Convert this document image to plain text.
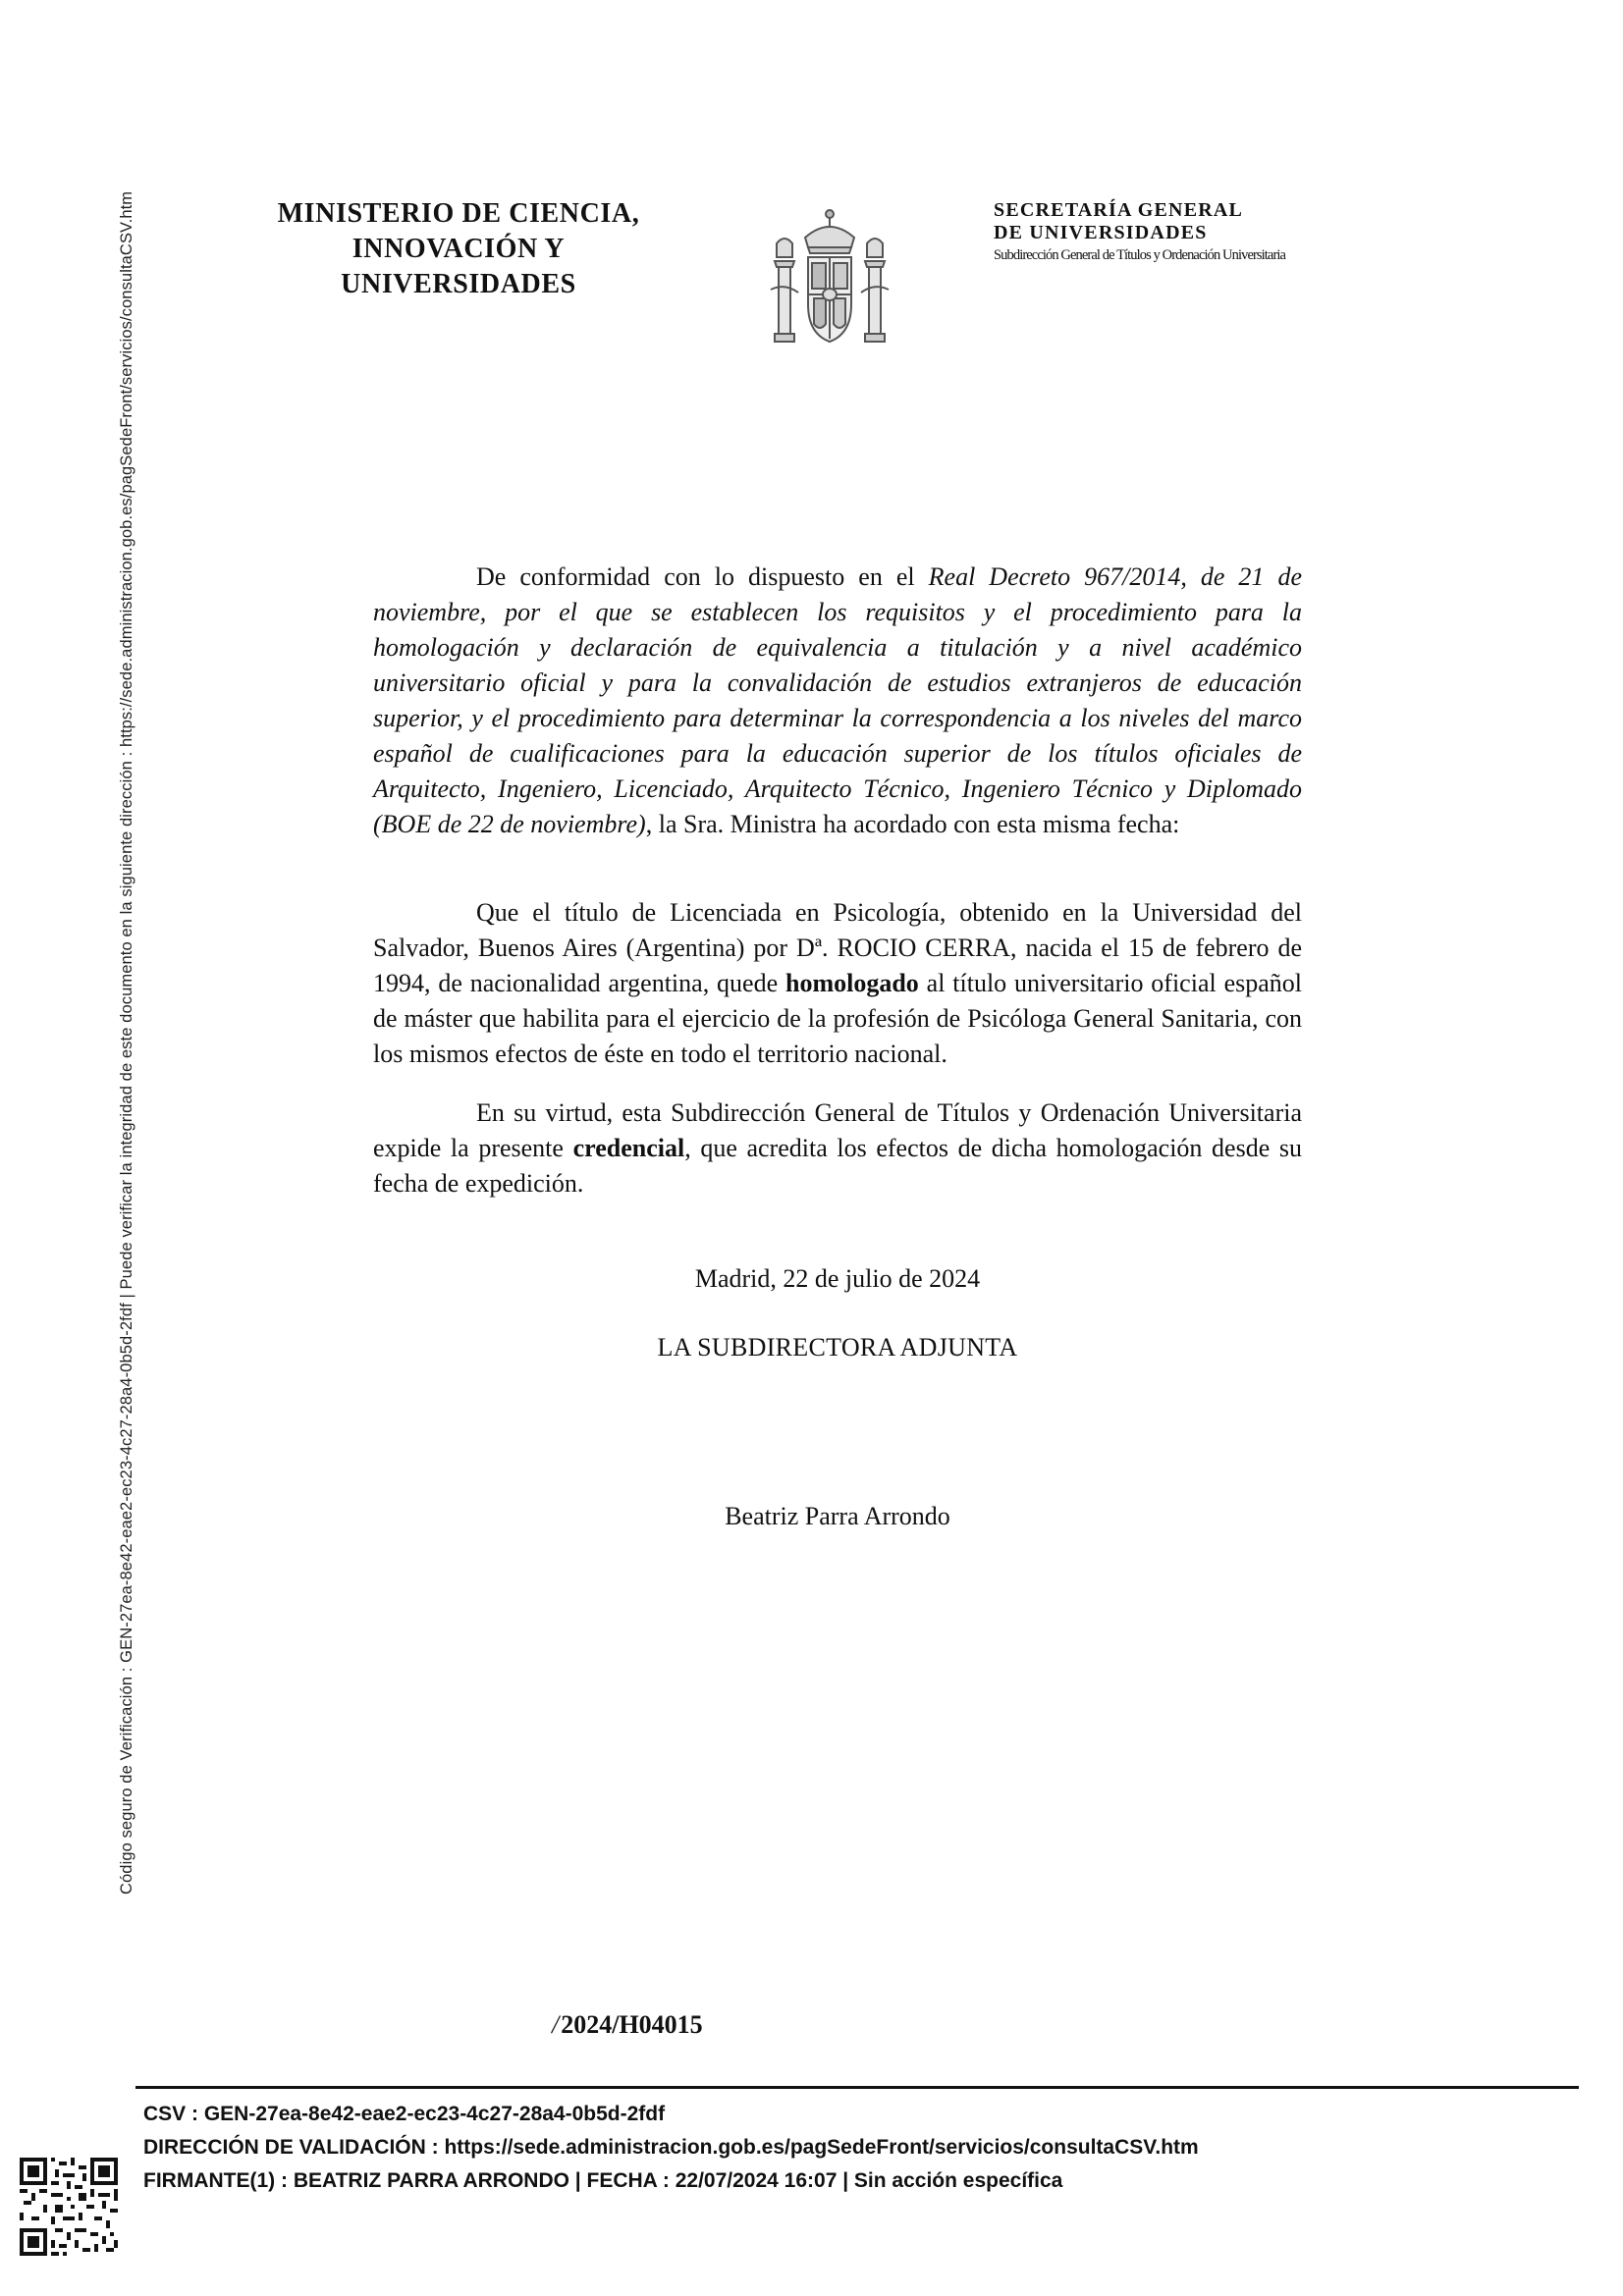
Código seguro de Verificación : GEN-27ea-8e42-eae2-ec23-4c27-28a4-0b5d-2fdf | Puede verificar la integridad de este documento en la siguiente dirección : https://sede.administracion.gob.es/pagSedeFront/servicios/consultaCSV.htm	MINISTERIO DE CIENCIA,
INNOVACIÓN Y
UNIVERSIDADES
SECRETARÍA GENERAL
DE UNIVERSIDADES
Subdirección General de Títulos y Ordenación Universitaria
De conformidad con lo dispuesto en el Real Decreto 967/2014, de 21 de noviembre, por el que se establecen los requisitos y el procedimiento para la homologación y declaración de equivalencia a titulación y a nivel académico universitario oficial y para la convalidación de estudios extranjeros de educación superior, y el procedimiento para determinar la correspondencia a los niveles del marco español de cualificaciones para la educación superior de los títulos oficiales de Arquitecto, Ingeniero, Licenciado, Arquitecto Técnico, Ingeniero Técnico y Diplomado (BOE de 22 de noviembre), la Sra. Ministra ha acordado con esta misma fecha:
Que el título de Licenciada en Psicología, obtenido en la Universidad del Salvador, Buenos Aires (Argentina) por Dª. ROCIO CERRA, nacida el 15 de febrero de 1994, de nacionalidad argentina, quede homologado al título universitario oficial español de máster que habilita para el ejercicio de la profesión de Psicóloga General Sanitaria, con los mismos efectos de éste en todo el territorio nacional.
En su virtud, esta Subdirección General de Títulos y Ordenación Universitaria expide la presente credencial, que acredita los efectos de dicha homologación desde su fecha de expedición.
Madrid, 22 de julio de 2024
LA SUBDIRECTORA ADJUNTA
Beatriz Parra Arrondo
/2024/H04015
CSV : GEN-27ea-8e42-eae2-ec23-4c27-28a4-0b5d-2fdf
DIRECCIÓN DE VALIDACIÓN : https://sede.administracion.gob.es/pagSedeFront/servicios/consultaCSV.htm
FIRMANTE(1) : BEATRIZ PARRA ARRONDO | FECHA : 22/07/2024 16:07 | Sin acción específica
